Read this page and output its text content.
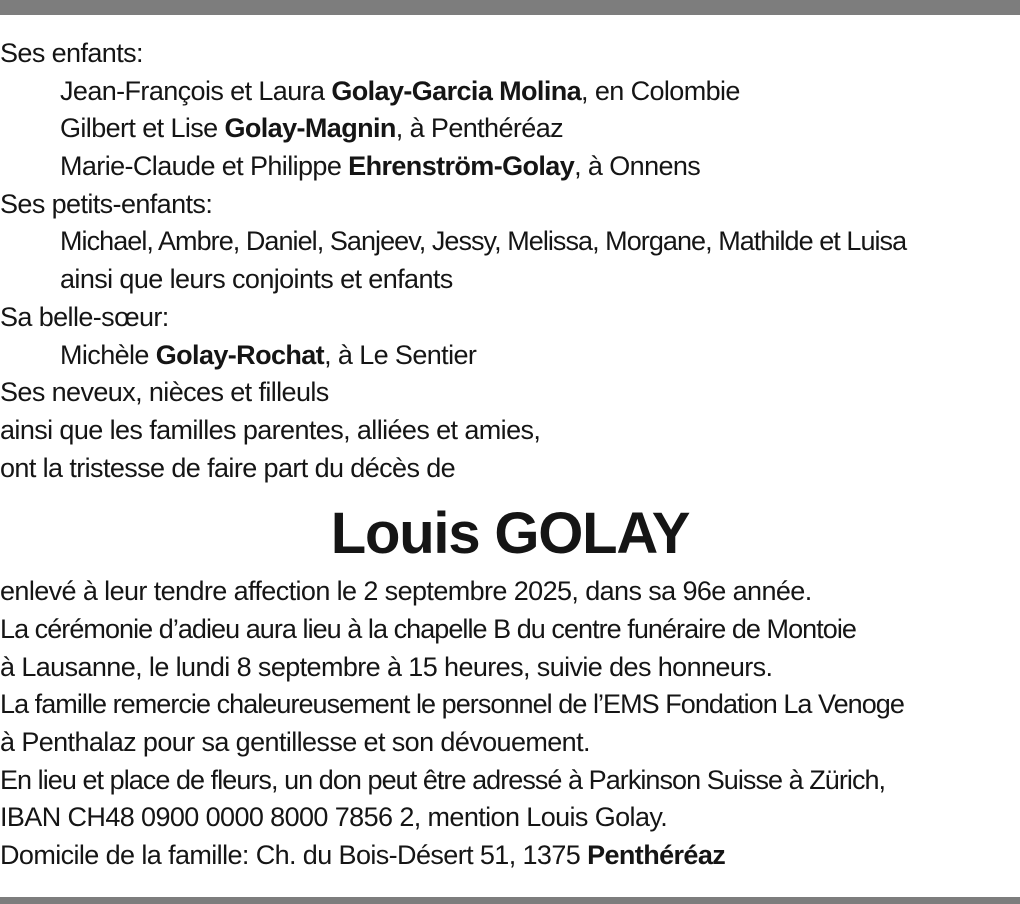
Ses enfants:
Jean-François et Laura Golay-Garcia Molina, en Colombie
Gilbert et Lise Golay-Magnin, à Penthéréaz
Marie-Claude et Philippe Ehrenström-Golay, à Onnens
Ses petits-enfants:
Michael, Ambre, Daniel, Sanjeev, Jessy, Melissa, Morgane, Mathilde et Luisa
ainsi que leurs conjoints et enfants
Sa belle-sœur:
Michèle Golay-Rochat, à Le Sentier
Ses neveux, nièces et filleuls
ainsi que les familles parentes, alliées et amies,
ont la tristesse de faire part du décès de
Louis GOLAY
enlevé à leur tendre affection le 2 septembre 2025, dans sa 96e année.
La cérémonie d’adieu aura lieu à la chapelle B du centre funéraire de Montoie
à Lausanne, le lundi 8 septembre à 15 heures, suivie des honneurs.
La famille remercie chaleureusement le personnel de l’EMS Fondation La Venoge
à Penthalaz pour sa gentillesse et son dévouement.
En lieu et place de fleurs, un don peut être adressé à Parkinson Suisse à Zürich,
IBAN CH48 0900 0000 8000 7856 2, mention Louis Golay.
Domicile de la famille: Ch. du Bois-Désert 51, 1375 Penthéréaz
